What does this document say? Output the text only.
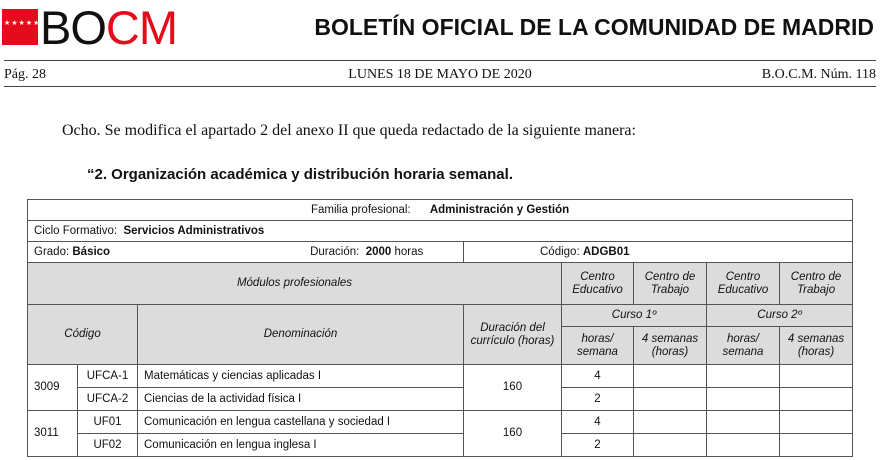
★★★★★★★
BOCM	BOLETÍN OFICIAL DE LA COMUNIDAD DE MADRID
LUNES 18 DE MAYO DE 2020
Pág. 28	B.O.C.M. Núm. 118
Ocho. Se modifica el apartado 2 del anexo II que queda redactado de la siguiente manera:
“2. Organización académica y distribución horaria semanal.
Familia profesional: Administración y Gestión							
Ciclo Formativo: Servicios Administrativos							
Grado: Básico Duración: 2000 horas			Código: ADGB01				
Módulos profesionales				Centro Educativo	Centro de Trabajo	Centro Educativo	Centro de Trabajo
Código		Denominación	Duración del currículo (horas)	Curso 1º		Curso 2º	
				horas/ semana	4 semanas (horas)	horas/ semana	4 semanas (horas)
3009	UFCA-1	Matemáticas y ciencias aplicadas I	160	4			
	UFCA-2	Ciencias de la actividad física I		2			
3011	UF01	Comunicación en lengua castellana y sociedad I	160	4			
	UF02	Comunicación en lengua inglesa I		2			
